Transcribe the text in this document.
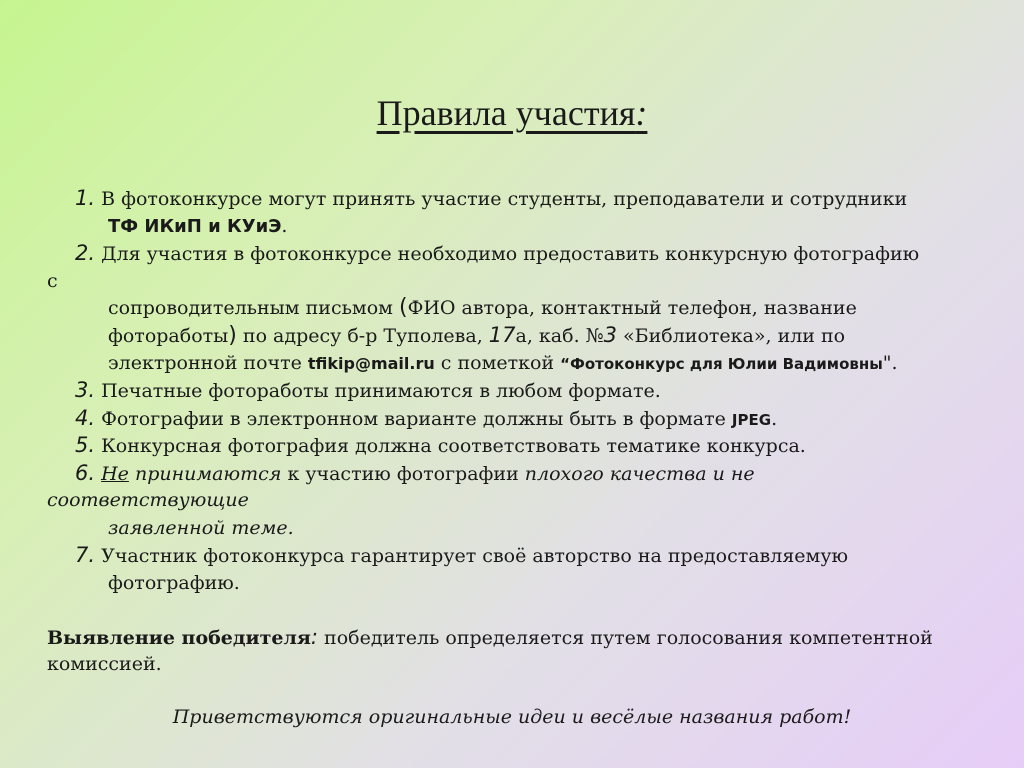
Правила участия:
1. В фотоконкурсе могут принять участие студенты, преподаватели и сотрудники
ТФ ИКиП и КУиЭ.
2. Для участия в фотоконкурсе необходимо предоставить конкурсную фотографию
с
сопроводительным письмом (ФИО автора, контактный телефон, название
фотоработы) по адресу б-р Туполева, 17а, каб. №3 «Библиотека», или по
электронной почте tfikip@mail.ru с пометкой “Фотоконкурс для Юлии Вадимовны".
3. Печатные фотоработы принимаются в любом формате.
4. Фотографии в электронном варианте должны быть в формате JPEG.
5. Конкурсная фотография должна соответствовать тематике конкурса.
6. Не принимаются к участию фотографии плохого качества и не
соответствующие
заявленной теме.
7. Участник фотоконкурса гарантирует своё авторство на предоставляемую
фотографию.
Выявление победителя: победитель определяется путем голосования компетентной
комиссией.
Приветствуются оригинальные идеи и весёлые названия работ!
